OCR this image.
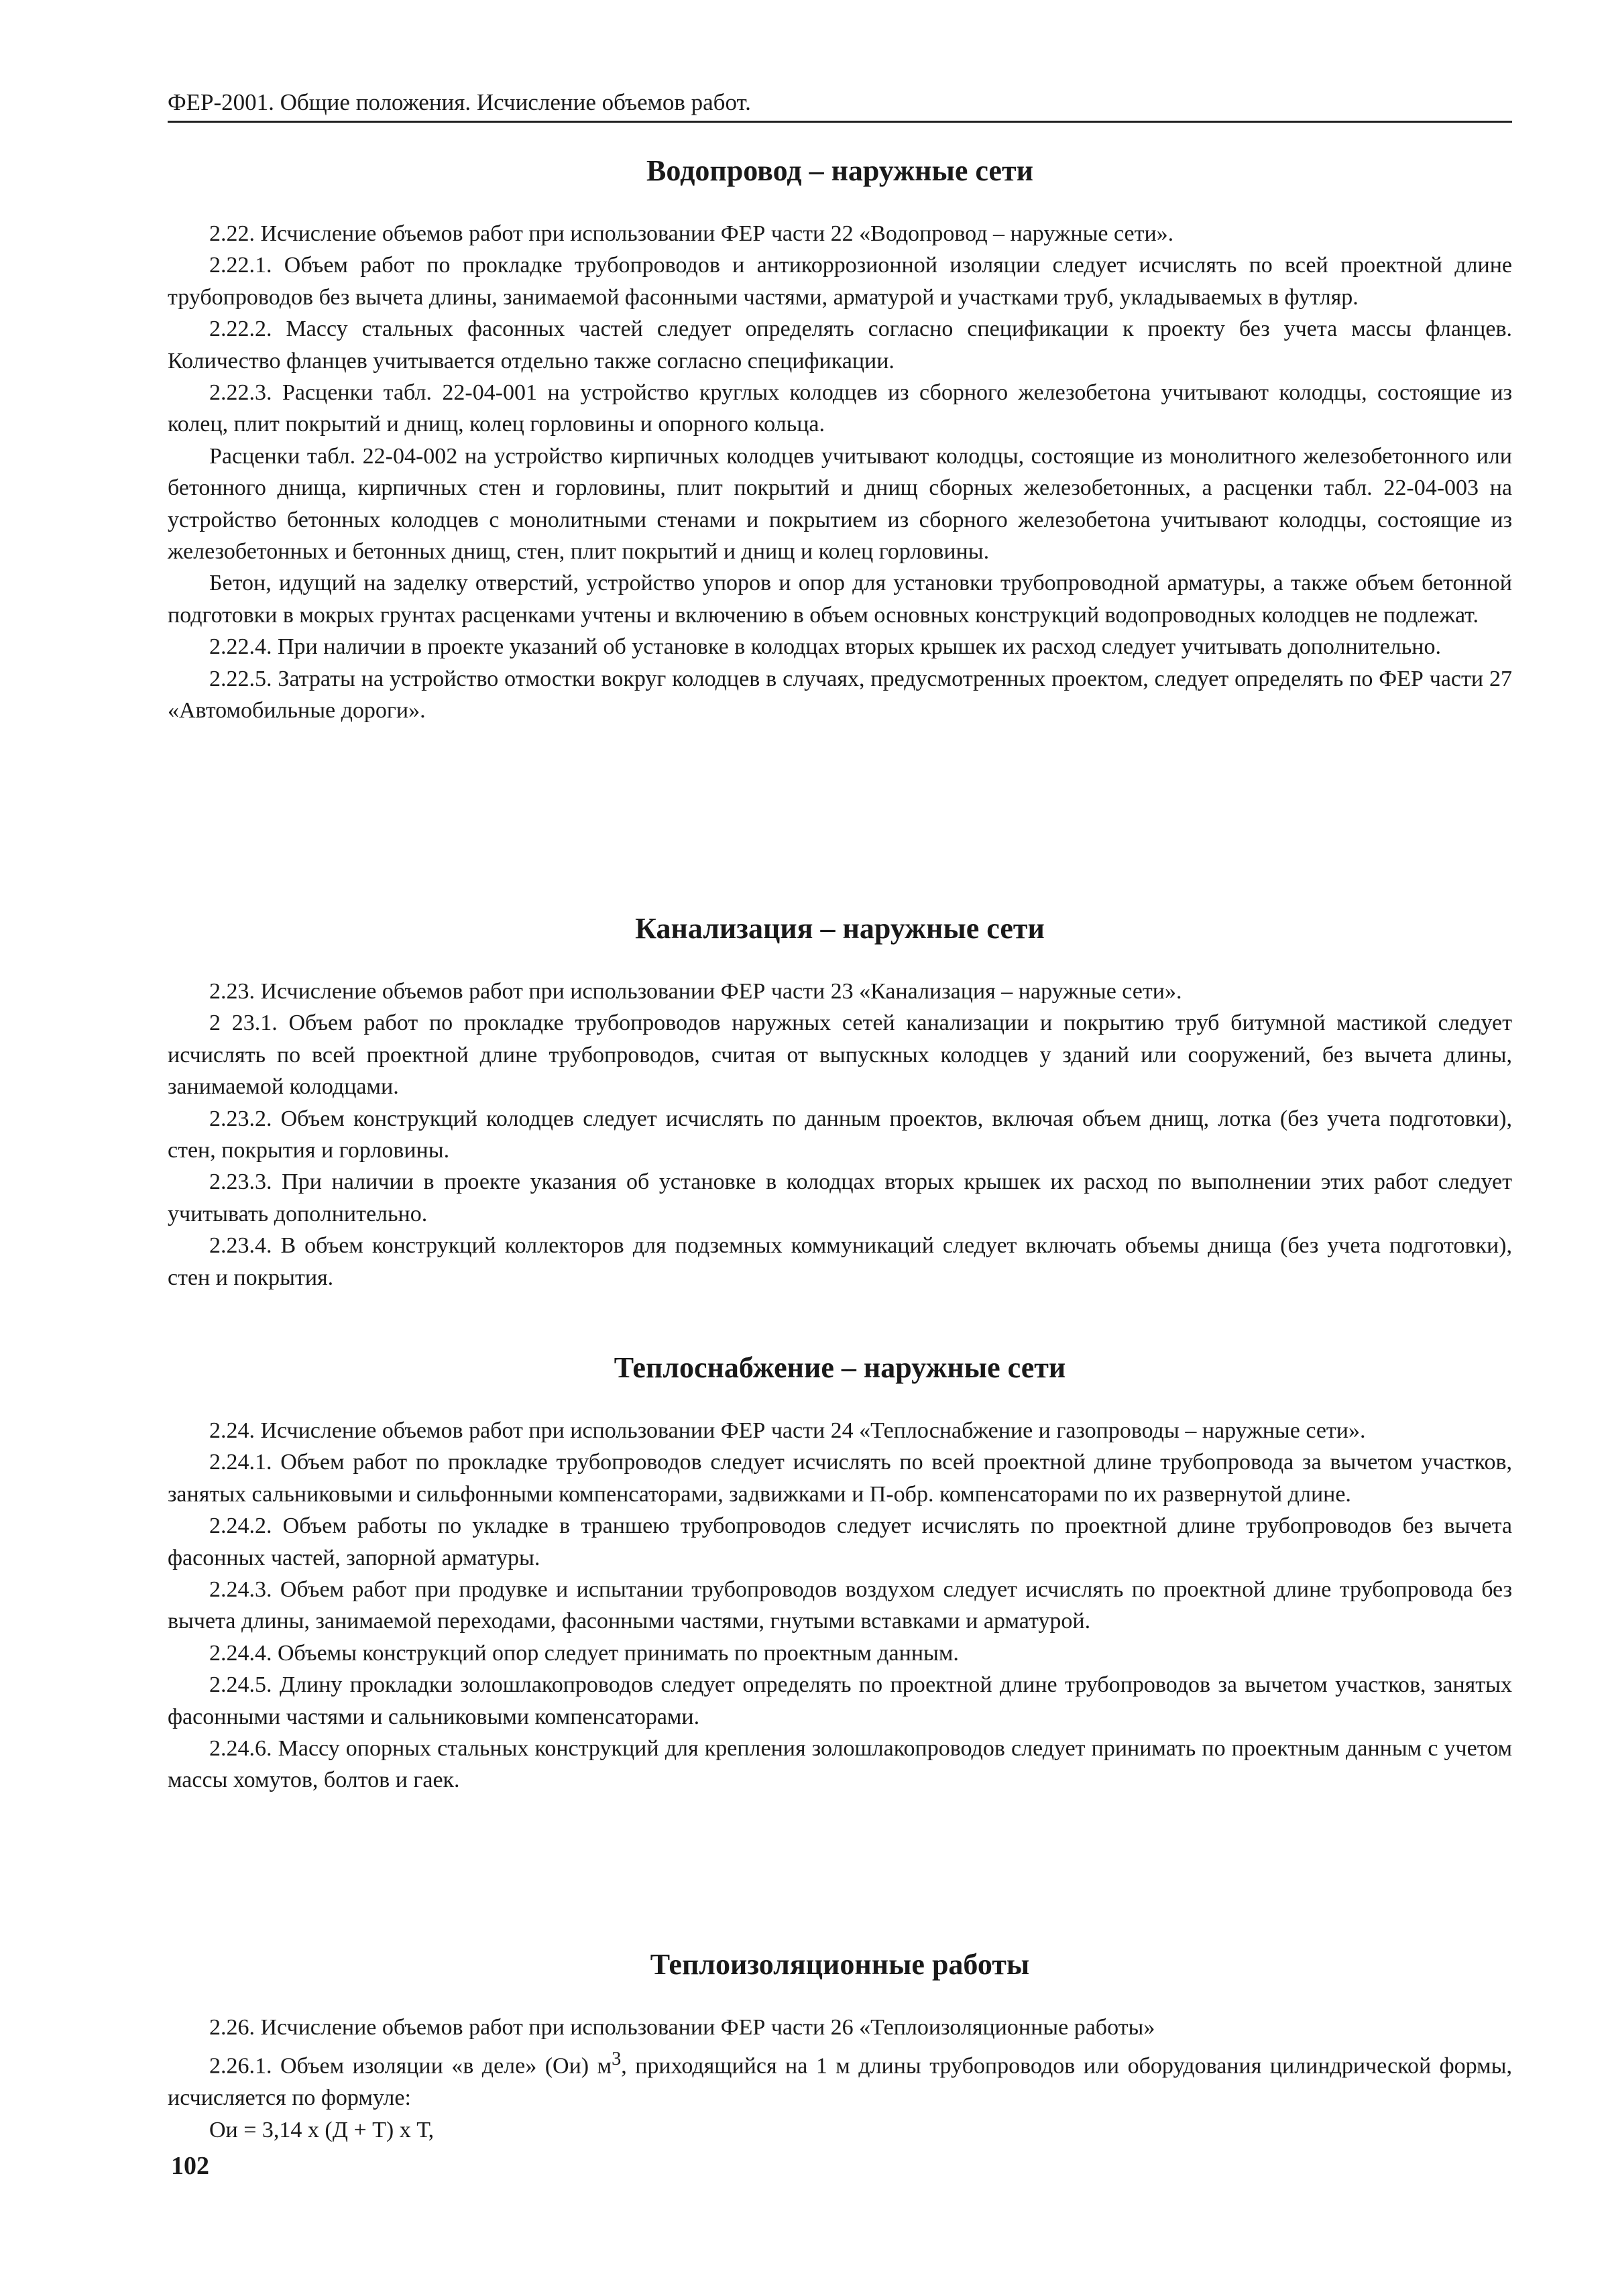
ФЕР-2001. Общие положения. Исчисление объемов работ.
Водопровод – наружные сети

2.22. Исчисление объемов работ при использовании ФЕР части 22 «Водопровод – наружные сети».

2.22.1. Объем работ по прокладке трубопроводов и антикоррозионной изоляции следует исчислять по всей проектной длине трубопроводов без вычета длины, занимаемой фасонными частями, арматурой и участками труб, укладываемых в футляр.

2.22.2. Массу стальных фасонных частей следует определять согласно спецификации к проекту без учета массы фланцев. Количество фланцев учитывается отдельно также согласно спецификации.

2.22.3. Расценки табл. 22-04-001 на устройство круглых колодцев из сборного железобетона учитывают колодцы, состоящие из колец, плит покрытий и днищ, колец горловины и опорного кольца.

Расценки табл. 22-04-002 на устройство кирпичных колодцев учитывают колодцы, состоящие из монолитного железобетонного или бетонного днища, кирпичных стен и горловины, плит покрытий и днищ сборных железобетонных, а расценки табл. 22-04-003 на устройство бетонных колодцев с монолитными стенами и покрытием из сборного железобетона учитывают колодцы, состоящие из железобетонных и бетонных днищ, стен, плит покрытий и днищ и колец горловины.

Бетон, идущий на заделку отверстий, устройство упоров и опор для установки трубопроводной арматуры, а также объем бетонной подготовки в мокрых грунтах расценками учтены и включению в объем основных конструкций водопроводных колодцев не подлежат.

2.22.4. При наличии в проекте указаний об установке в колодцах вторых крышек их расход следует учитывать дополнительно.

2.22.5. Затраты на устройство отмостки вокруг колодцев в случаях, предусмотренных проектом, следует определять по ФЕР части 27 «Автомобильные дороги».

Канализация – наружные сети

2.23. Исчисление объемов работ при использовании ФЕР части 23 «Канализация – наружные сети».

2 23.1. Объем работ по прокладке трубопроводов наружных сетей канализации и покрытию труб битумной мастикой следует исчислять по всей проектной длине трубопроводов, считая от выпускных колодцев у зданий или сооружений, без вычета длины, занимаемой колодцами.

2.23.2. Объем конструкций колодцев следует исчислять по данным проектов, включая объем днищ, лотка (без учета подготовки), стен, покрытия и горловины.

2.23.3. При наличии в проекте указания об установке в колодцах вторых крышек их расход по выполнении этих работ следует учитывать дополнительно.

2.23.4. В объем конструкций коллекторов для подземных коммуникаций следует включать объемы днища (без учета подготовки), стен и покрытия.

Теплоснабжение – наружные сети

2.24. Исчисление объемов работ при использовании ФЕР части 24 «Теплоснабжение и газопроводы – наружные сети».

2.24.1. Объем работ по прокладке трубопроводов следует исчислять по всей проектной длине трубопровода за вычетом участков, занятых сальниковыми и сильфонными компенсаторами, задвижками и П-обр. компенсаторами по их развернутой длине.

2.24.2. Объем работы по укладке в траншею трубопроводов следует исчислять по проектной длине трубопроводов без вычета фасонных частей, запорной арматуры.

2.24.3. Объем работ при продувке и испытании трубопроводов воздухом следует исчислять по проектной длине трубопровода без вычета длины, занимаемой переходами, фасонными частями, гнутыми вставками и арматурой.

2.24.4. Объемы конструкций опор следует принимать по проектным данным.

2.24.5. Длину прокладки золошлакопроводов следует определять по проектной длине трубопроводов за вычетом участков, занятых фасонными частями и сальниковыми компенсаторами.

2.24.6. Массу опорных стальных конструкций для крепления золошлакопроводов следует принимать по проектным данным с учетом массы хомутов, болтов и гаек.

Теплоизоляционные работы

2.26. Исчисление объемов работ при использовании ФЕР части 26 «Теплоизоляционные работы»

2.26.1. Объем изоляции «в деле» (Ои) $м^3$, приходящийся на 1 м длины трубопроводов или оборудования цилиндрической формы, исчисляется по формуле:

Ои = 3,14 х (Д + Т) х Т,

102
